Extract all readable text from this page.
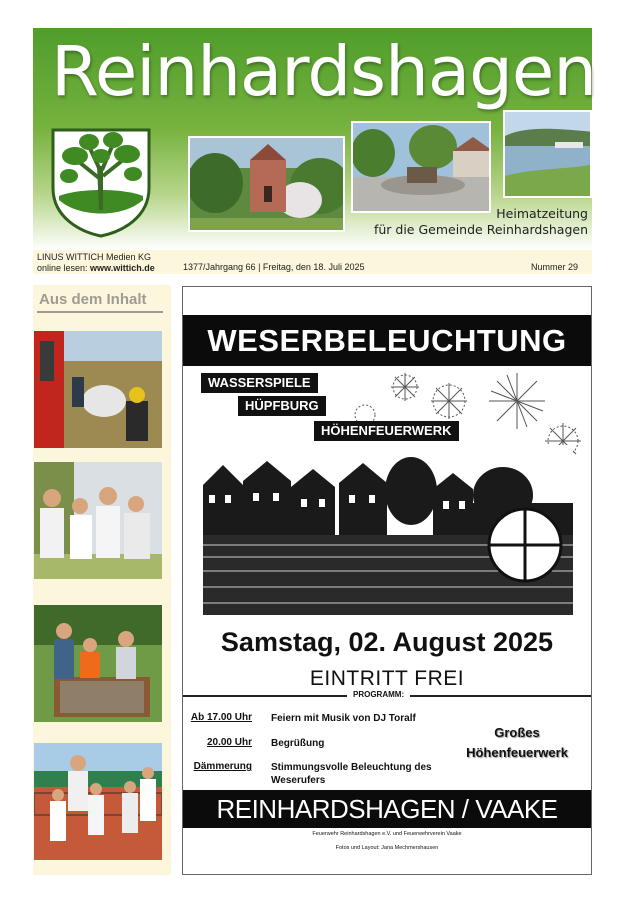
Reinhardshagen
Heimatzeitung
für die Gemeinde Reinhardshagen
LINUS WITTICH Medien KG
online lesen: www.wittich.de	1377/Jahrgang 66 | Freitag, den 18. Juli 2025	Nummer 29
Aus dem Inhalt
WESERBELEUCHTUNG
WASSERSPIELE
HÜPFBURG
HÖHENFEUERWERK
Samstag, 02. August 2025
EINTRITT FREI
PROGRAMM:
Ab 17.00 Uhr Feiern mit Musik von DJ Toralf
20.00 Uhr Begrüßung
Dämmerung Stimmungsvolle Beleuchtung des Weserufers
Großes
Höhenfeuerwerk
REINHARDSHAGEN / VAAKE
Feuerwehr Reinhardshagen e.V. und Feuerwehrverein Vaake
Fotos und Layout: Jana Mechmershausen
